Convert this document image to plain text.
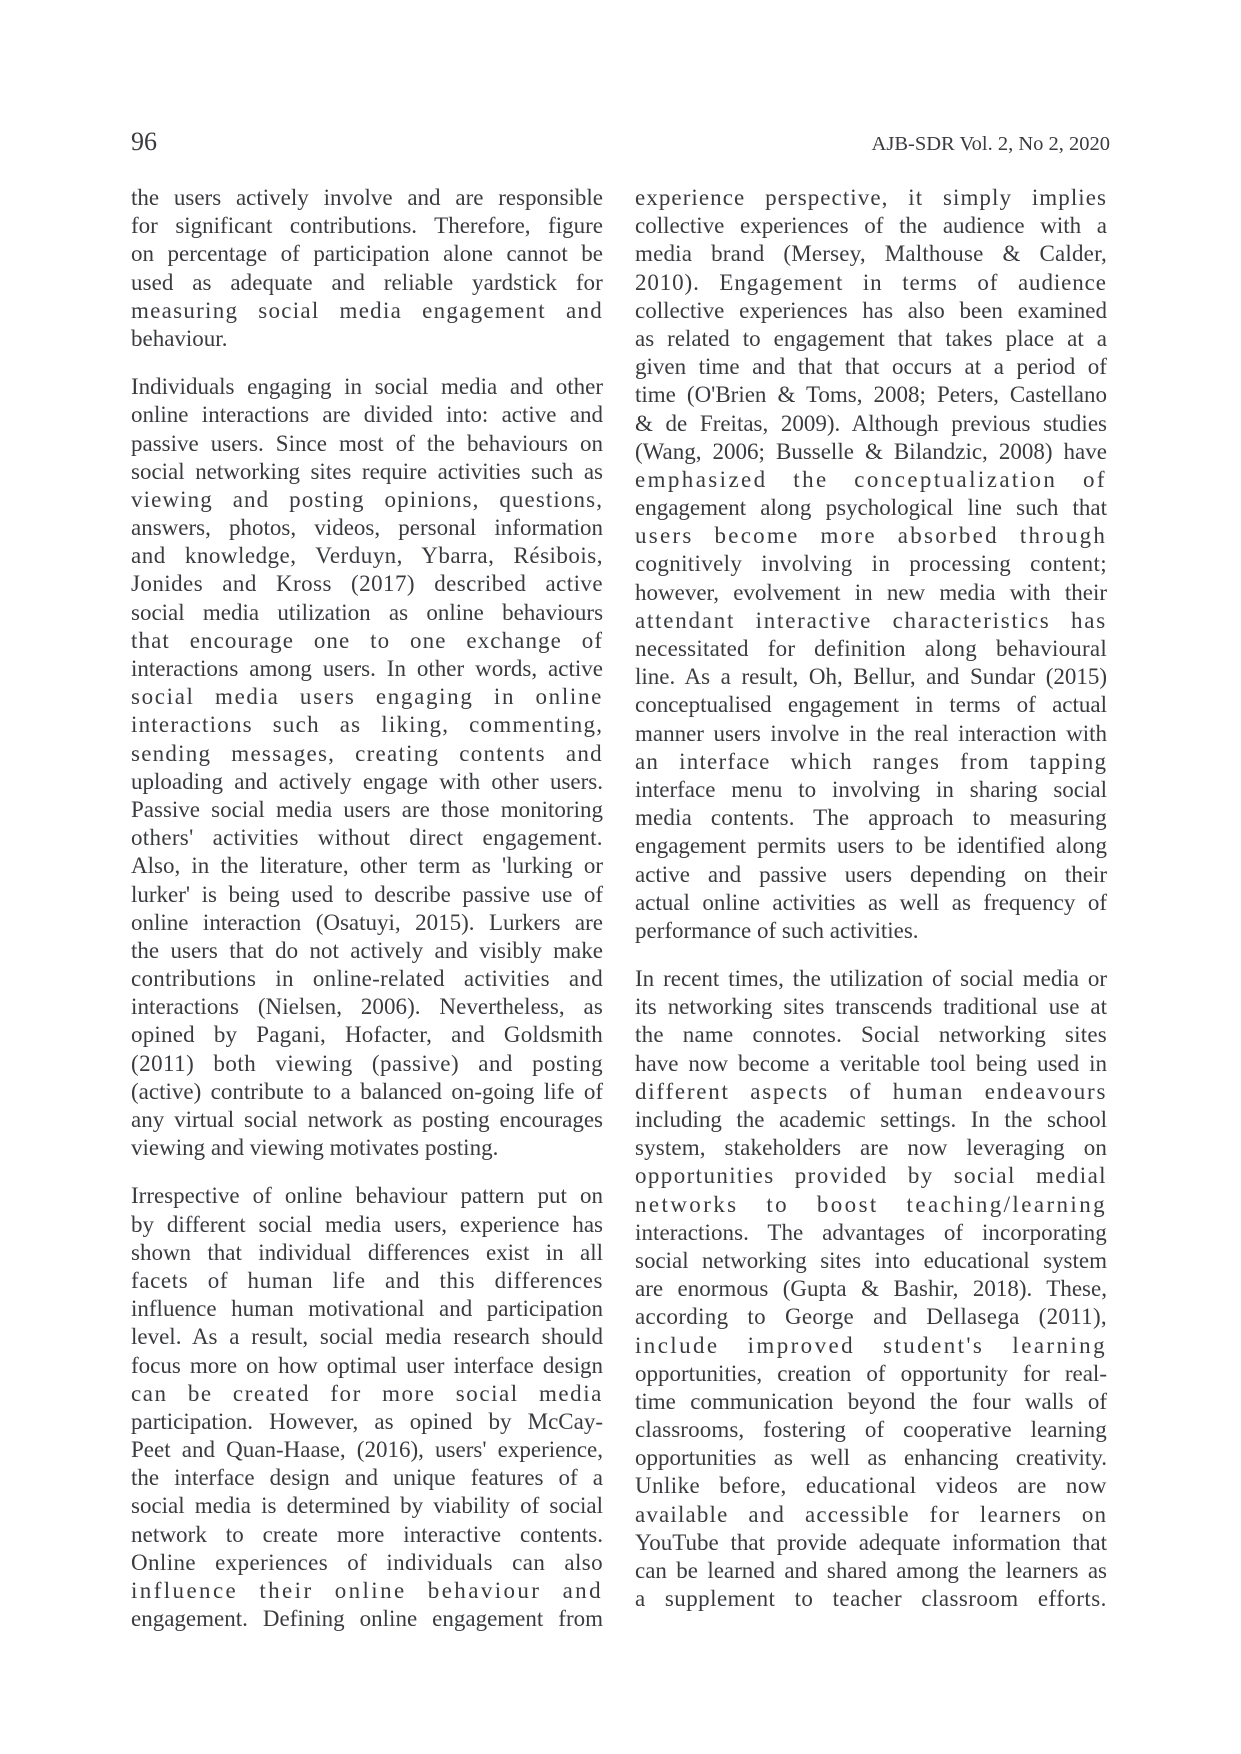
96	AJB-SDR Vol. 2, No 2, 2020
the users actively involve and are responsible
for significant contributions. Therefore, figure
on percentage of participation alone cannot be
used as adequate and reliable yardstick for
measuring social media engagement and
behaviour.
Individuals engaging in social media and other
online interactions are divided into: active and
passive users. Since most of the behaviours on
social networking sites require activities such as
viewing and posting opinions, questions,
answers, photos, videos, personal information
and knowledge, Verduyn, Ybarra, Résibois,
Jonides and Kross (2017) described active
social media utilization as online behaviours
that encourage one to one exchange of
interactions among users. In other words, active
social media users engaging in online
interactions such as liking, commenting,
sending messages, creating contents and
uploading and actively engage with other users.
Passive social media users are those monitoring
others' activities without direct engagement.
Also, in the literature, other term as 'lurking or
lurker' is being used to describe passive use of
online interaction (Osatuyi, 2015). Lurkers are
the users that do not actively and visibly make
contributions in online-related activities and
interactions (Nielsen, 2006). Nevertheless, as
opined by Pagani, Hofacter, and Goldsmith
(2011) both viewing (passive) and posting
(active) contribute to a balanced on-going life of
any virtual social network as posting encourages
viewing and viewing motivates posting.
Irrespective of online behaviour pattern put on
by different social media users, experience has
shown that individual differences exist in all
facets of human life and this differences
influence human motivational and participation
level. As a result, social media research should
focus more on how optimal user interface design
can be created for more social media
participation. However, as opined by McCay-
Peet and Quan-Haase, (2016), users' experience,
the interface design and unique features of a
social media is determined by viability of social
network to create more interactive contents.
Online experiences of individuals can also
influence their online behaviour and
engagement. Defining online engagement from
experience perspective, it simply implies
collective experiences of the audience with a
media brand (Mersey, Malthouse & Calder,
2010). Engagement in terms of audience
collective experiences has also been examined
as related to engagement that takes place at a
given time and that that occurs at a period of
time (O'Brien & Toms, 2008; Peters, Castellano
& de Freitas, 2009). Although previous studies
(Wang, 2006; Busselle & Bilandzic, 2008) have
emphasized the conceptualization of
engagement along psychological line such that
users become more absorbed through
cognitively involving in processing content;
however, evolvement in new media with their
attendant interactive characteristics has
necessitated for definition along behavioural
line. As a result, Oh, Bellur, and Sundar (2015)
conceptualised engagement in terms of actual
manner users involve in the real interaction with
an interface which ranges from tapping
interface menu to involving in sharing social
media contents. The approach to measuring
engagement permits users to be identified along
active and passive users depending on their
actual online activities as well as frequency of
performance of such activities.
In recent times, the utilization of social media or
its networking sites transcends traditional use at
the name connotes. Social networking sites
have now become a veritable tool being used in
different aspects of human endeavours
including the academic settings. In the school
system, stakeholders are now leveraging on
opportunities provided by social medial
networks to boost teaching/learning
interactions. The advantages of incorporating
social networking sites into educational system
are enormous (Gupta & Bashir, 2018). These,
according to George and Dellasega (2011),
include improved student's learning
opportunities, creation of opportunity for real-
time communication beyond the four walls of
classrooms, fostering of cooperative learning
opportunities as well as enhancing creativity.
Unlike before, educational videos are now
available and accessible for learners on
YouTube that provide adequate information that
can be learned and shared among the learners as
a supplement to teacher classroom efforts.
